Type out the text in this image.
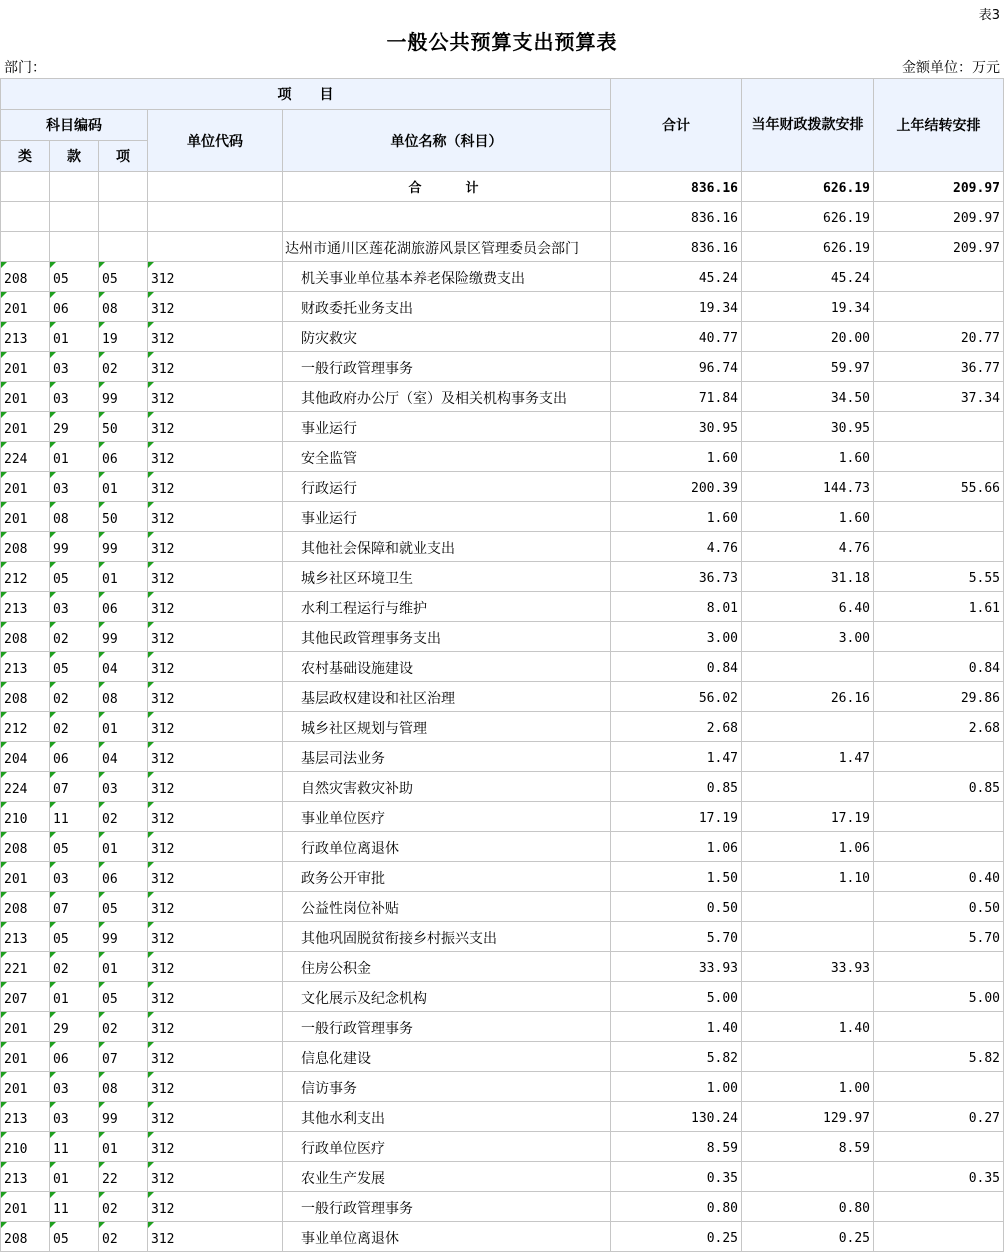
表3
一般公共预算支出预算表
部门：	金额单位：万元
项　　目					合计	当年财政拨款安排	上年结转安排
科目编码			单位代码	单位名称（科目）			
类	款	项					
				合　　计	836.16	626.19	209.97
					836.16	626.19	209.97
				达州市通川区莲花湖旅游风景区管理委员会部门	836.16	626.19	209.97
208	05	05	312	机关事业单位基本养老保险缴费支出	45.24	45.24	
201	06	08	312	财政委托业务支出	19.34	19.34	
213	01	19	312	防灾救灾	40.77	20.00	20.77
201	03	02	312	一般行政管理事务	96.74	59.97	36.77
201	03	99	312	其他政府办公厅（室）及相关机构事务支出	71.84	34.50	37.34
201	29	50	312	事业运行	30.95	30.95	
224	01	06	312	安全监管	1.60	1.60	
201	03	01	312	行政运行	200.39	144.73	55.66
201	08	50	312	事业运行	1.60	1.60	
208	99	99	312	其他社会保障和就业支出	4.76	4.76	
212	05	01	312	城乡社区环境卫生	36.73	31.18	5.55
213	03	06	312	水利工程运行与维护	8.01	6.40	1.61
208	02	99	312	其他民政管理事务支出	3.00	3.00	
213	05	04	312	农村基础设施建设	0.84		0.84
208	02	08	312	基层政权建设和社区治理	56.02	26.16	29.86
212	02	01	312	城乡社区规划与管理	2.68		2.68
204	06	04	312	基层司法业务	1.47	1.47	
224	07	03	312	自然灾害救灾补助	0.85		0.85
210	11	02	312	事业单位医疗	17.19	17.19	
208	05	01	312	行政单位离退休	1.06	1.06	
201	03	06	312	政务公开审批	1.50	1.10	0.40
208	07	05	312	公益性岗位补贴	0.50		0.50
213	05	99	312	其他巩固脱贫衔接乡村振兴支出	5.70		5.70
221	02	01	312	住房公积金	33.93	33.93	
207	01	05	312	文化展示及纪念机构	5.00		5.00
201	29	02	312	一般行政管理事务	1.40	1.40	
201	06	07	312	信息化建设	5.82		5.82
201	03	08	312	信访事务	1.00	1.00	
213	03	99	312	其他水利支出	130.24	129.97	0.27
210	11	01	312	行政单位医疗	8.59	8.59	
213	01	22	312	农业生产发展	0.35		0.35
201	11	02	312	一般行政管理事务	0.80	0.80	
208	05	02	312	事业单位离退休	0.25	0.25	
